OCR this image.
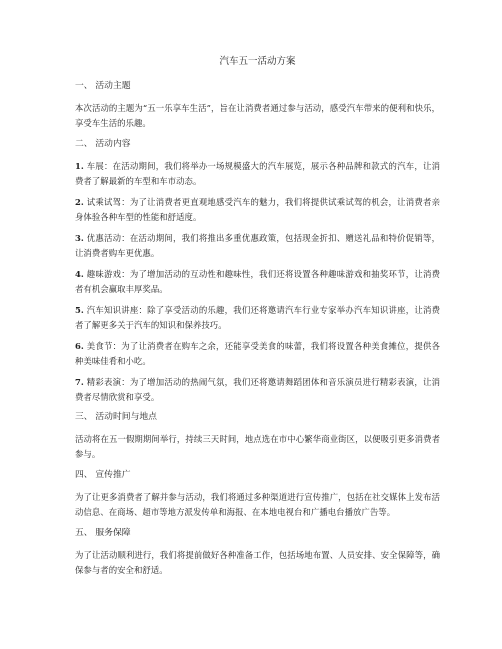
汽车五一活动方案
一、 活动主题

本次活动的主题为“五一乐享车生活”，旨在让消费者通过参与活动，感受汽车带来的便利和快乐，享受车生活的乐趣。

二、 活动内容

1. 车展：在活动期间，我们将举办一场规模盛大的汽车展览，展示各种品牌和款式的汽车，让消费者了解最新的车型和车市动态。

2. 试乘试驾：为了让消费者更直观地感受汽车的魅力，我们将提供试乘试驾的机会，让消费者亲身体验各种车型的性能和舒适度。

3. 优惠活动：在活动期间，我们将推出多重优惠政策，包括现金折扣、赠送礼品和特价促销等，让消费者购车更优惠。

4. 趣味游戏：为了增加活动的互动性和趣味性，我们还将设置各种趣味游戏和抽奖环节，让消费者有机会赢取丰厚奖品。

5. 汽车知识讲座：除了享受活动的乐趣，我们还将邀请汽车行业专家举办汽车知识讲座，让消费者了解更多关于汽车的知识和保养技巧。

6. 美食节：为了让消费者在购车之余，还能享受美食的味蕾，我们将设置各种美食摊位，提供各种美味佳肴和小吃。

7. 精彩表演：为了增加活动的热闹气氛，我们还将邀请舞蹈团体和音乐演员进行精彩表演，让消费者尽情欣赏和享受。

三、 活动时间与地点

活动将在五一假期期间举行，持续三天时间，地点选在市中心繁华商业街区，以便吸引更多消费者参与。

四、 宣传推广

为了让更多消费者了解并参与活动，我们将通过多种渠道进行宣传推广，包括在社交媒体上发布活动信息、在商场、超市等地方派发传单和海报、在本地电视台和广播电台播放广告等。

五、 服务保障

为了让活动顺利进行，我们将提前做好各种准备工作，包括场地布置、人员安排、安全保障等，确保参与者的安全和舒适。
